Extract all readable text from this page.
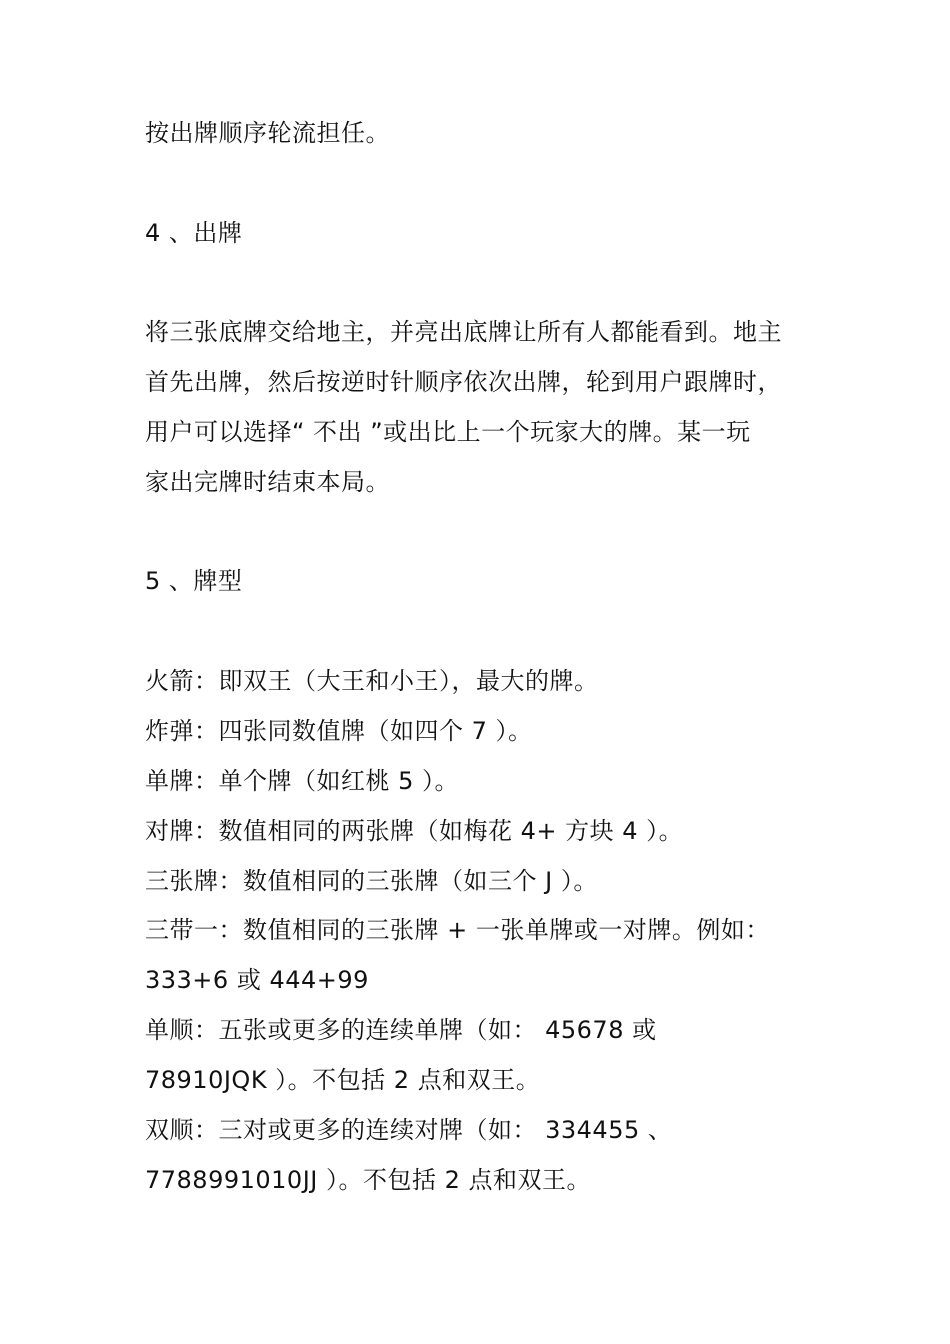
按出牌顺序轮流担任。
4 、出牌
将三张底牌交给地主，并亮出底牌让所有人都能看到。地主
首先出牌，然后按逆时针顺序依次出牌，轮到用户跟牌时，
用户可以选择“ 不出 ”或出比上一个玩家大的牌。某一玩
家出完牌时结束本局。
5 、牌型
火箭：即双王（大王和小王），最大的牌。
炸弹：四张同数值牌（如四个 7 ）。
单牌：单个牌（如红桃 5 ）。
对牌：数值相同的两张牌（如梅花 4+ 方块 4 ）。
三张牌：数值相同的三张牌（如三个 J ）。
三带一：数值相同的三张牌 + 一张单牌或一对牌。例如：
333+6 或 444+99
单顺：五张或更多的连续单牌（如： 45678 或
78910JQK ）。不包括 2 点和双王。
双顺：三对或更多的连续对牌（如： 334455 、
7788991010JJ ）。不包括 2 点和双王。
